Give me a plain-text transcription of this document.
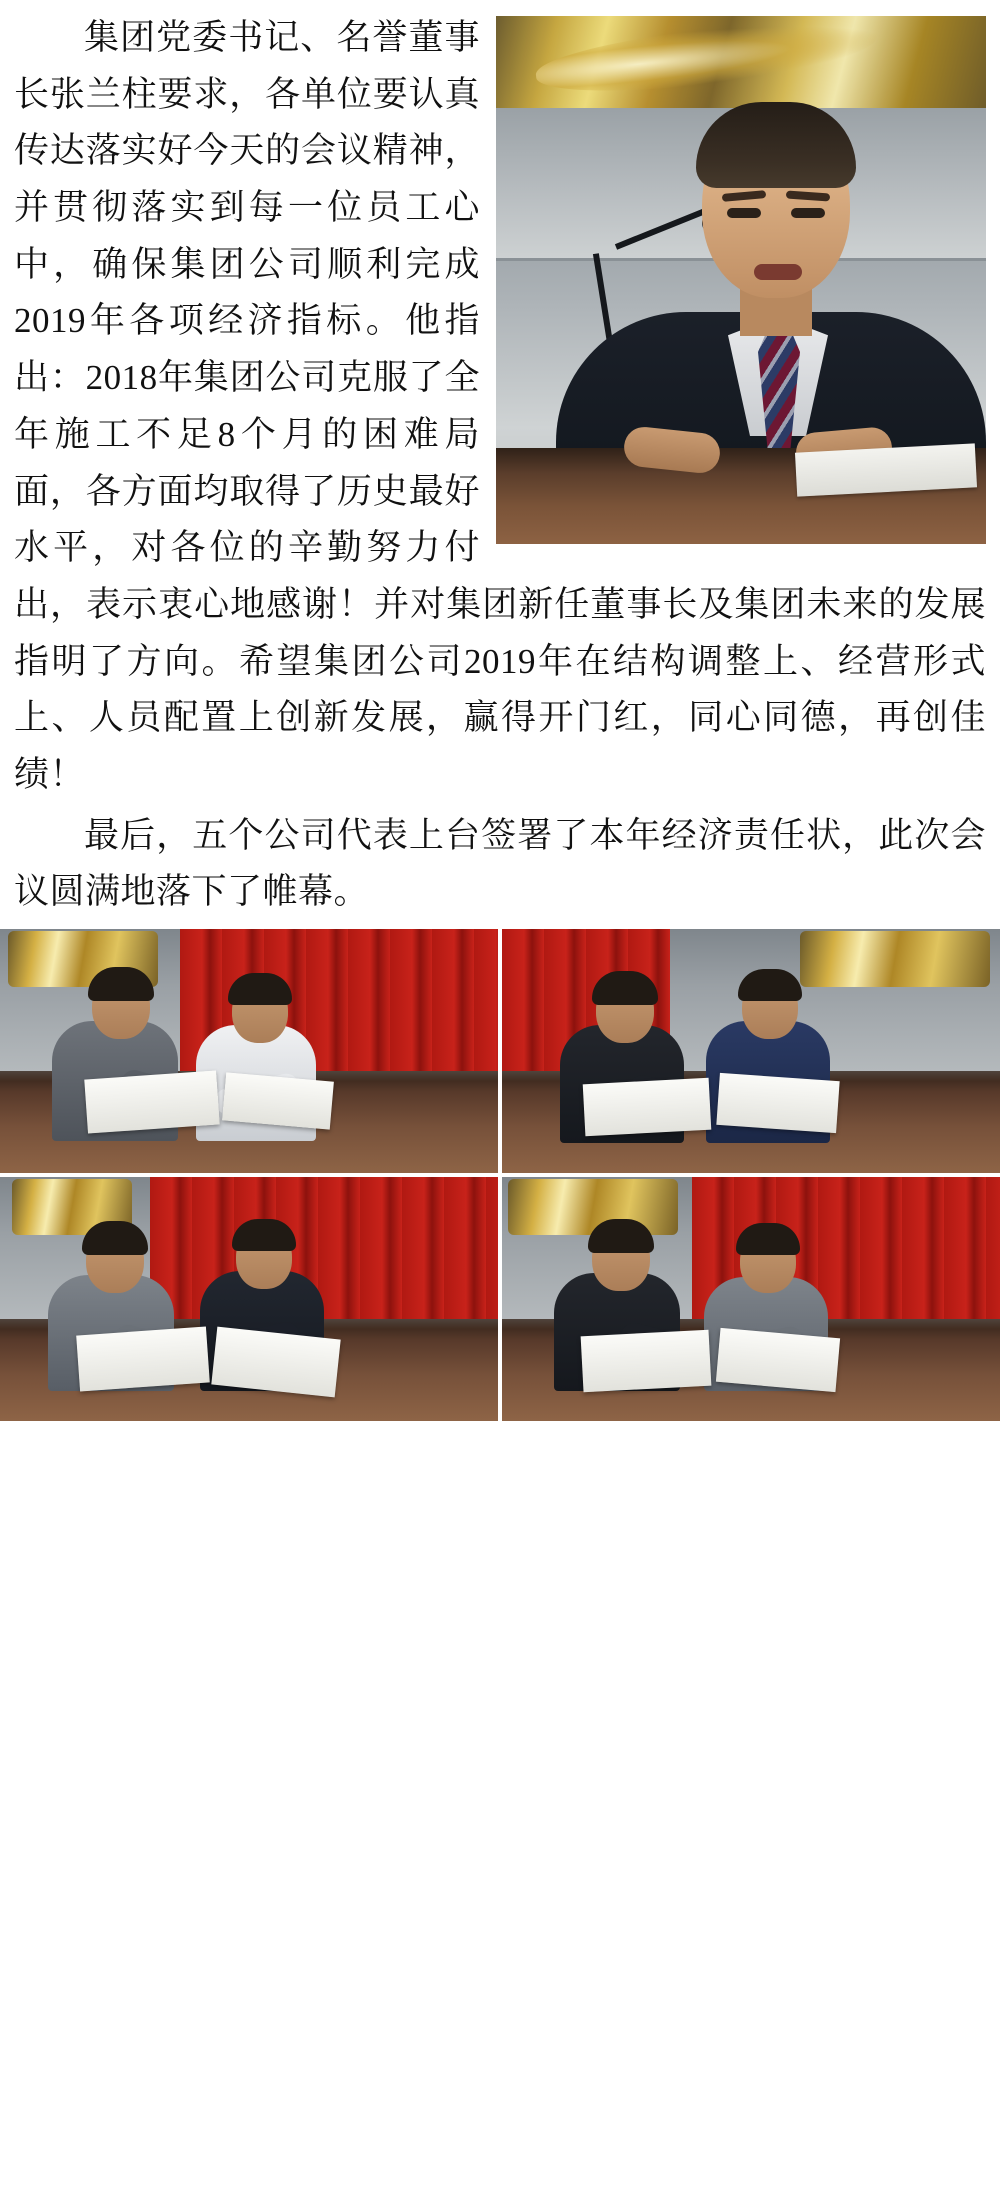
集团党委书记、名誉董事长张兰柱要求，各单位要认真传达落实好今天的会议精神，并贯彻落实到每一位员工心中，确保集团公司顺利完成2019年各项经济指标。他指出：2018年集团公司克服了全年施工不足8个月的困难局面，各方面均取得了历史最好水平，对各位的辛勤努力付出，表示衷心地感谢！并对集团新任董事长及集团未来的发展指明了方向。希望集团公司2019年在结构调整上、经营形式上、人员配置上创新发展，赢得开门红，同心同德，再创佳绩！

最后，五个公司代表上台签署了本年经济责任状，此次会议圆满地落下了帷幕。
